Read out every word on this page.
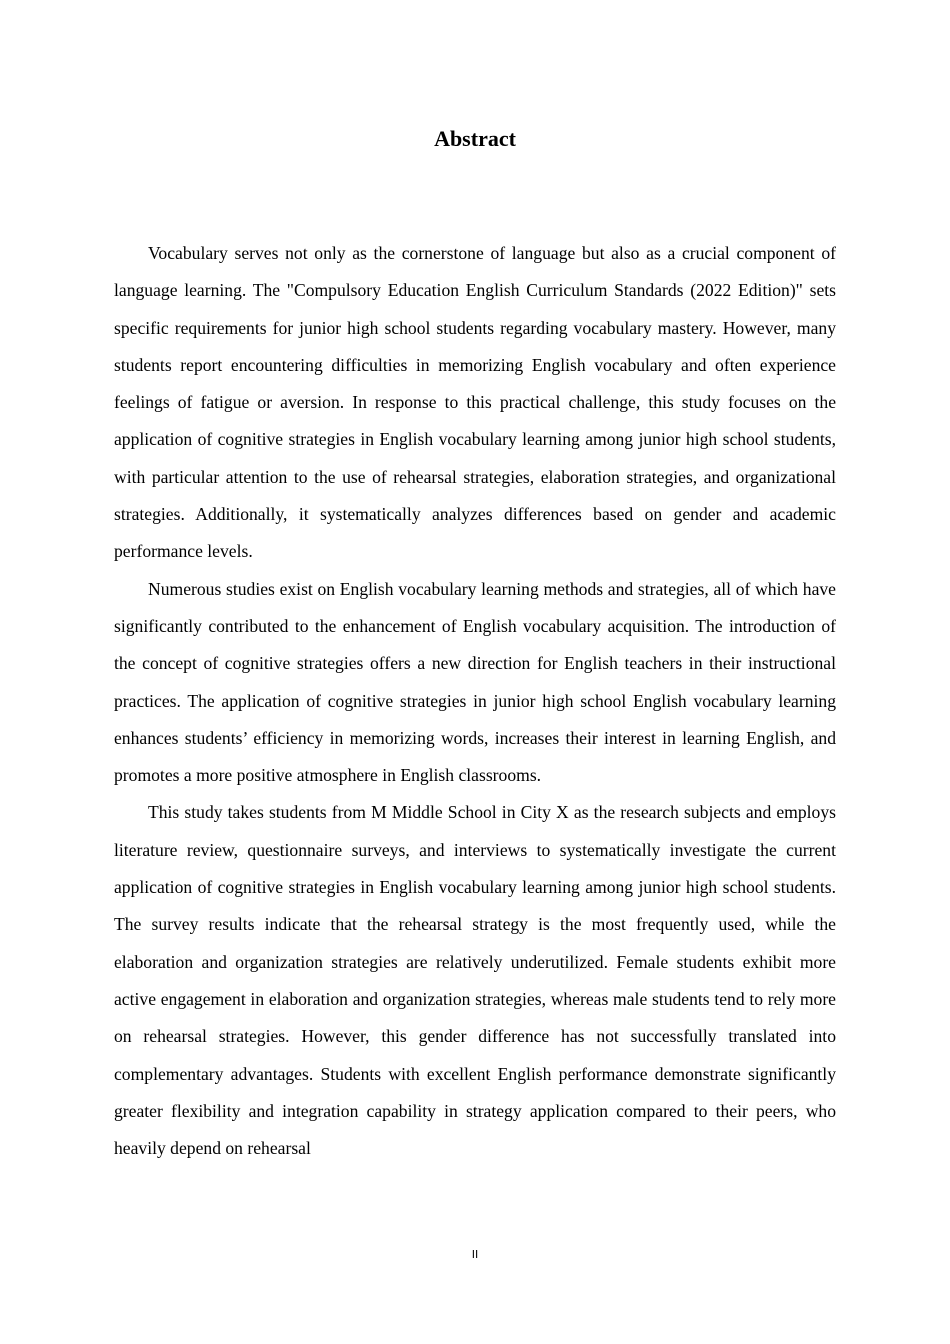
Abstract

Vocabulary serves not only as the cornerstone of language but also as a crucial component of language learning. The "Compulsory Education English Curriculum Standards (2022 Edition)" sets specific requirements for junior high school students regarding vocabulary mastery. However, many students report encountering difficulties in memorizing English vocabulary and often experience feelings of fatigue or aversion. In response to this practical challenge, this study focuses on the application of cognitive strategies in English vocabulary learning among junior high school students, with particular attention to the use of rehearsal strategies, elaboration strategies, and organizational strategies. Additionally, it systematically analyzes differences based on gender and academic performance levels.

Numerous studies exist on English vocabulary learning methods and strategies, all of which have significantly contributed to the enhancement of English vocabulary acquisition. The introduction of the concept of cognitive strategies offers a new direction for English teachers in their instructional practices. The application of cognitive strategies in junior high school English vocabulary learning enhances students’ efficiency in memorizing words, increases their interest in learning English, and promotes a more positive atmosphere in English classrooms.

This study takes students from M Middle School in City X as the research subjects and employs literature review, questionnaire surveys, and interviews to systematically investigate the current application of cognitive strategies in English vocabulary learning among junior high school students. The survey results indicate that the rehearsal strategy is the most frequently used, while the elaboration and organization strategies are relatively underutilized. Female students exhibit more active engagement in elaboration and organization strategies, whereas male students tend to rely more on rehearsal strategies. However, this gender difference has not successfully translated into complementary advantages. Students with excellent English performance demonstrate significantly greater flexibility and integration capability in strategy application compared to their peers, who heavily depend on rehearsal

II
